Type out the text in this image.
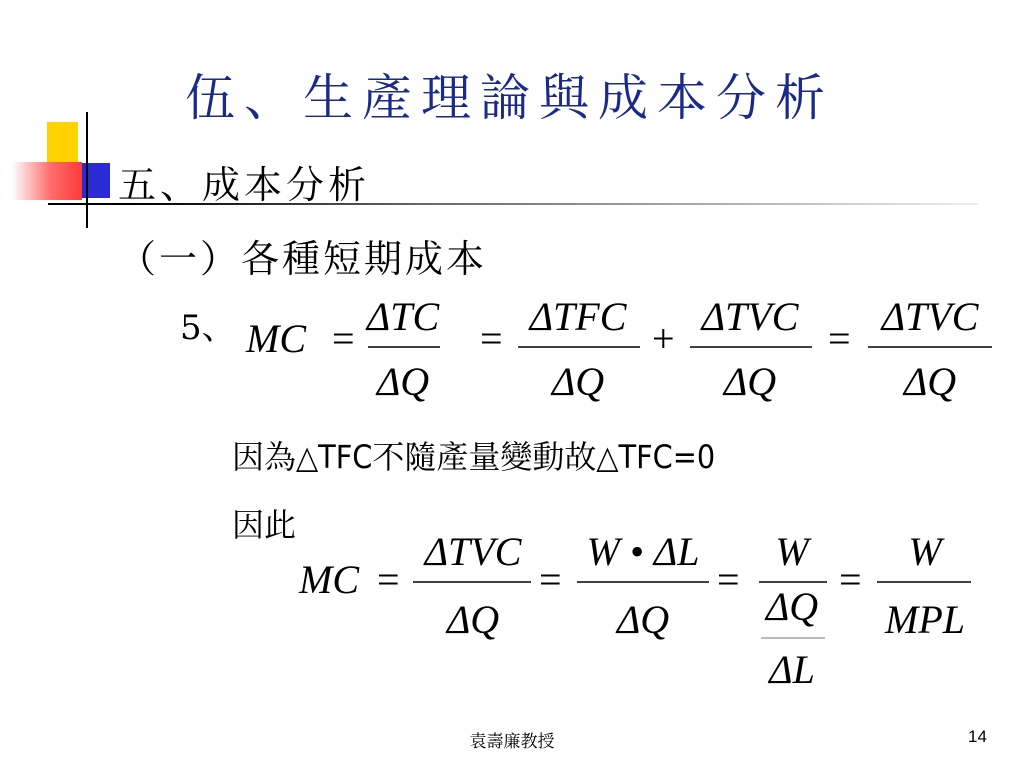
伍、生產理論與成本分析
五、成本分析
（一）各種短期成本
5、 MC = ΔTC
ΔQ
= ΔTFC
ΔQ
+ ΔTVC
ΔQ
= ΔTVC
ΔQ
因為△TFC不隨產量變動故△TFC=0
因此
MC =
ΔTVC
ΔQ
=
W • ΔL
ΔQ
=
W
ΔQ
ΔL
=
W
MPL
袁壽廉教授	14
